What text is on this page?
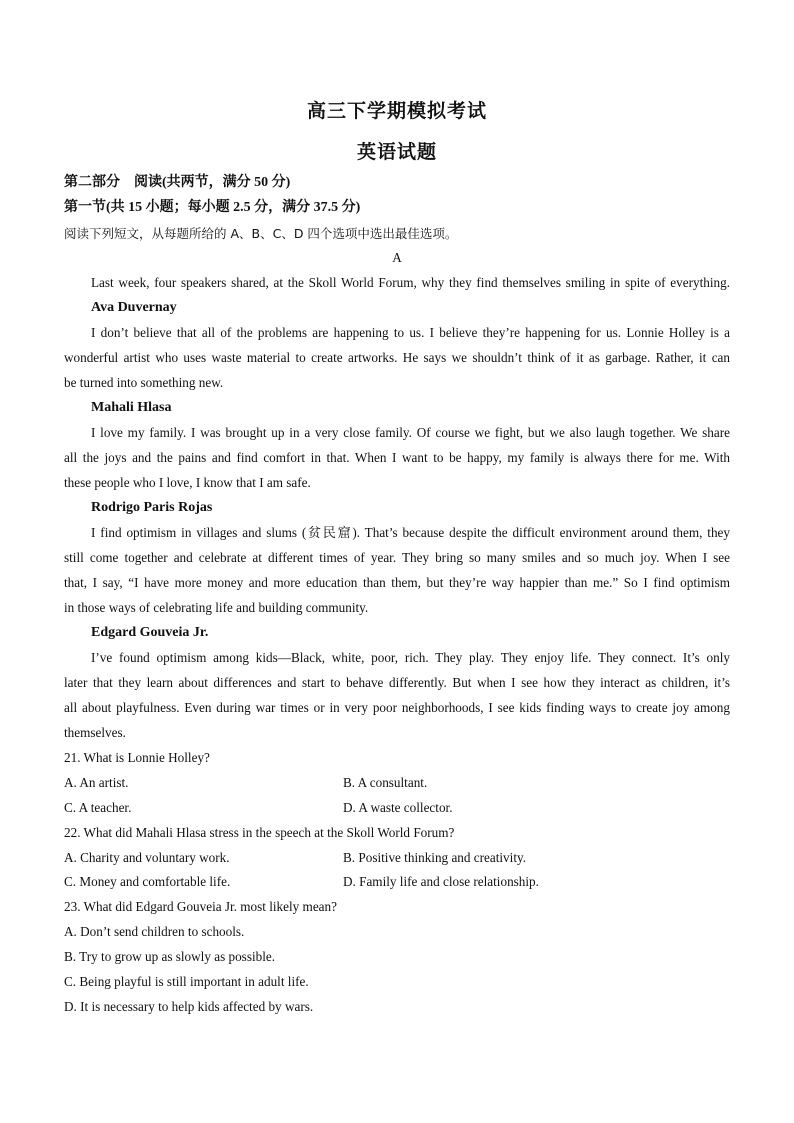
高三下学期模拟考试
英语试题
第二部分　阅读(共两节，满分 50 分)
第一节(共 15 小题；每小题 2.5 分，满分 37.5 分)
阅读下列短文，从每题所给的 A、B、C、D 四个选项中选出最佳选项。
A
Last week, four speakers shared, at the Skoll World Forum, why they find themselves smiling in spite of everything.
Ava Duvernay
I don’t believe that all of the problems are happening to us. I believe they’re happening for us. Lonnie Holley is a
wonderful artist who uses waste material to create artworks. He says we shouldn’t think of it as garbage. Rather, it can
be turned into something new.
Mahali Hlasa
I love my family. I was brought up in a very close family. Of course we fight, but we also laugh together. We share
all the joys and the pains and find comfort in that. When I want to be happy, my family is always there for me. With
these people who I love, I know that I am safe.
Rodrigo Paris Rojas
I find optimism in villages and slums (贫民窟). That’s because despite the difficult environment around them, they
still come together and celebrate at different times of year. They bring so many smiles and so much joy. When I see
that, I say, “I have more money and more education than them, but they’re way happier than me.” So I find optimism
in those ways of celebrating life and building community.
Edgard Gouveia Jr.
I’ve found optimism among kids—Black, white, poor, rich. They play. They enjoy life. They connect. It’s only
later that they learn about differences and start to behave differently. But when I see how they interact as children, it’s
all about playfulness. Even during war times or in very poor neighborhoods, I see kids finding ways to create joy among
themselves.
21. What is Lonnie Holley?
A. An artist.	B. A consultant.
C. A teacher.	D. A waste collector.
22. What did Mahali Hlasa stress in the speech at the Skoll World Forum?
A. Charity and voluntary work.	B. Positive thinking and creativity.
C. Money and comfortable life.	D. Family life and close relationship.
23. What did Edgard Gouveia Jr. most likely mean?
A. Don’t send children to schools.
B. Try to grow up as slowly as possible.
C. Being playful is still important in adult life.
D. It is necessary to help kids affected by wars.
